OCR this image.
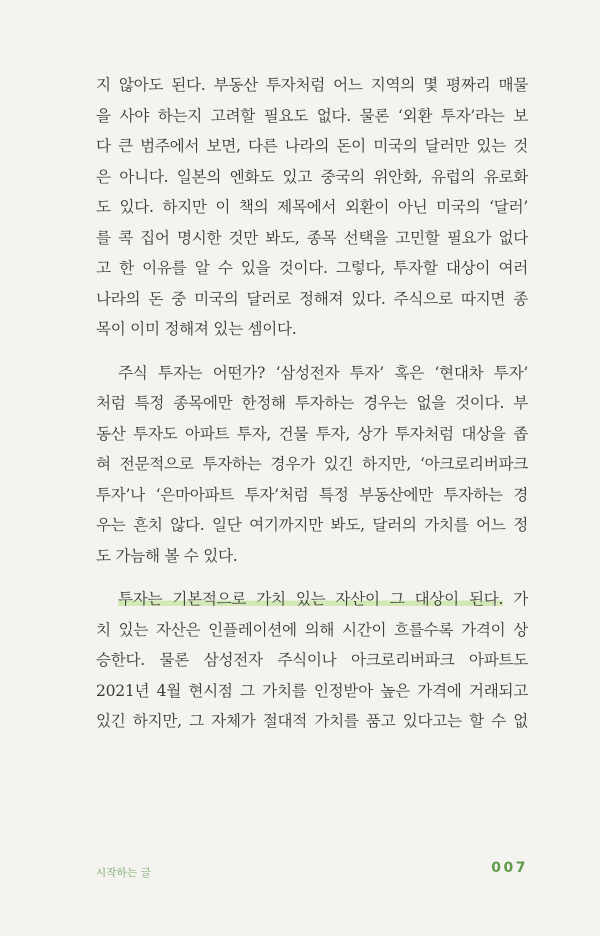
지 않아도 된다. 부동산 투자처럼 어느 지역의 몇 평짜리 매물
을 사야 하는지 고려할 필요도 없다. 물론 ‘외환 투자’라는 보
다 큰 범주에서 보면, 다른 나라의 돈이 미국의 달러만 있는 것
은 아니다. 일본의 엔화도 있고 중국의 위안화, 유럽의 유로화
도 있다. 하지만 이 책의 제목에서 외환이 아닌 미국의 ‘달러’
를 콕 집어 명시한 것만 봐도, 종목 선택을 고민할 필요가 없다
고 한 이유를 알 수 있을 것이다. 그렇다, 투자할 대상이 여러
나라의 돈 중 미국의 달러로 정해져 있다. 주식으로 따지면 종
목이 이미 정해져 있는 셈이다.
주식 투자는 어떤가? ‘삼성전자 투자’ 혹은 ‘현대차 투자’
처럼 특정 종목에만 한정해 투자하는 경우는 없을 것이다. 부
동산 투자도 아파트 투자, 건물 투자, 상가 투자처럼 대상을 좁
혀 전문적으로 투자하는 경우가 있긴 하지만, ‘아크로리버파크
투자’나 ‘은마아파트 투자’처럼 특정 부동산에만 투자하는 경
우는 흔치 않다. 일단 여기까지만 봐도, 달러의 가치를 어느 정
도 가늠해 볼 수 있다.
투자는 기본적으로 가치 있는 자산이 그 대상이 된다. 가
치 있는 자산은 인플레이션에 의해 시간이 흐를수록 가격이 상
승한다. 물론 삼성전자 주식이나 아크로리버파크 아파트도
2021년 4월 현시점 그 가치를 인정받아 높은 가격에 거래되고
있긴 하지만, 그 자체가 절대적 가치를 품고 있다고는 할 수 없
시작하는 글	007
